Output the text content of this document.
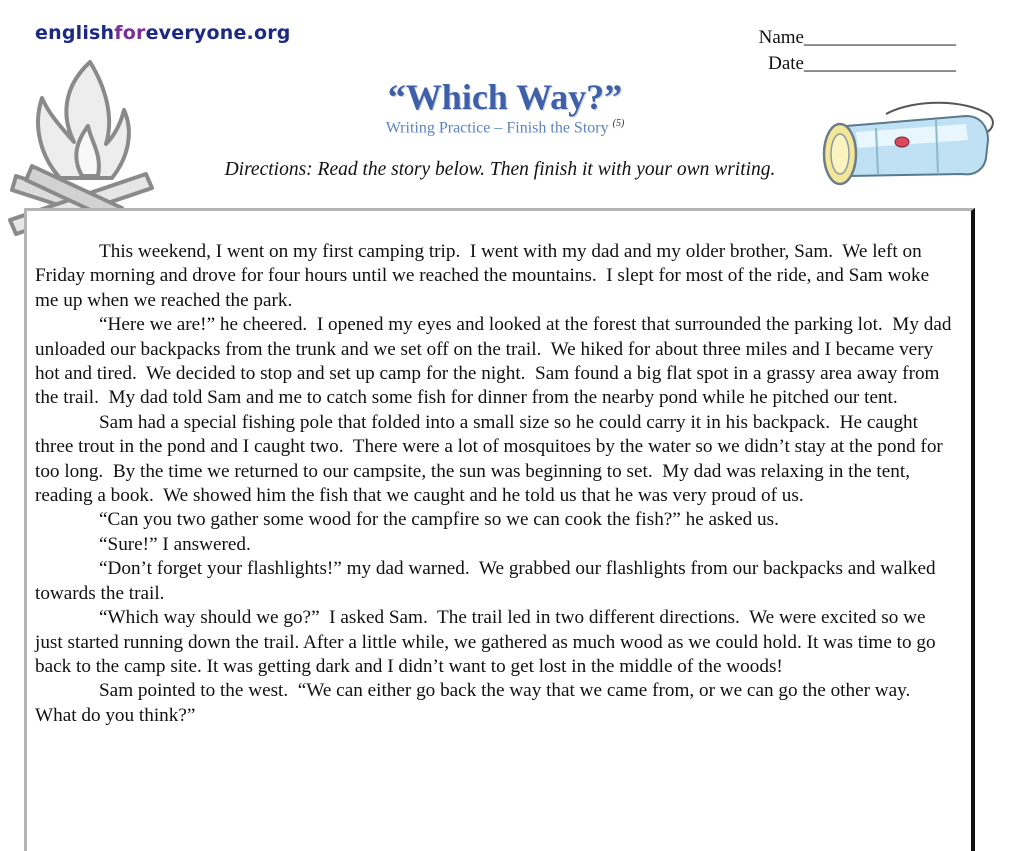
englishforeveryone.org	Name________________
Date________________
“Which Way?”
Writing Practice – Finish the Story $^{(5)}$
Directions: Read the story below. Then finish it with your own writing.

This weekend, I went on my first camping trip.  I went with my dad and my older brother, Sam.  We left on Friday morning and drove for four hours until we reached the mountains.  I slept for most of the ride, and Sam woke me up when we reached the park.

“Here we are!” he cheered.  I opened my eyes and looked at the forest that surrounded the parking lot.  My dad unloaded our backpacks from the trunk and we set off on the trail.  We hiked for about three miles and I became very hot and tired.  We decided to stop and set up camp for the night.  Sam found a big flat spot in a grassy area away from the trail.  My dad told Sam and me to catch some fish for dinner from the nearby pond while he pitched our tent.

Sam had a special fishing pole that folded into a small size so he could carry it in his backpack.  He caught three trout in the pond and I caught two.  There were a lot of mosquitoes by the water so we didn’t stay at the pond for too long.  By the time we returned to our campsite, the sun was beginning to set.  My dad was relaxing in the tent, reading a book.  We showed him the fish that we caught and he told us that he was very proud of us.

“Can you two gather some wood for the campfire so we can cook the fish?” he asked us.

“Sure!” I answered.

“Don’t forget your flashlights!” my dad warned.  We grabbed our flashlights from our backpacks and walked towards the trail.

“Which way should we go?”  I asked Sam.  The trail led in two different directions.  We were excited so we just started running down the trail. After a little while, we gathered as much wood as we could hold. It was time to go back to the camp site. It was getting dark and I didn’t want to get lost in the middle of the woods!

Sam pointed to the west.  “We can either go back the way that we came from, or we can go the other way.  What do you think?”
